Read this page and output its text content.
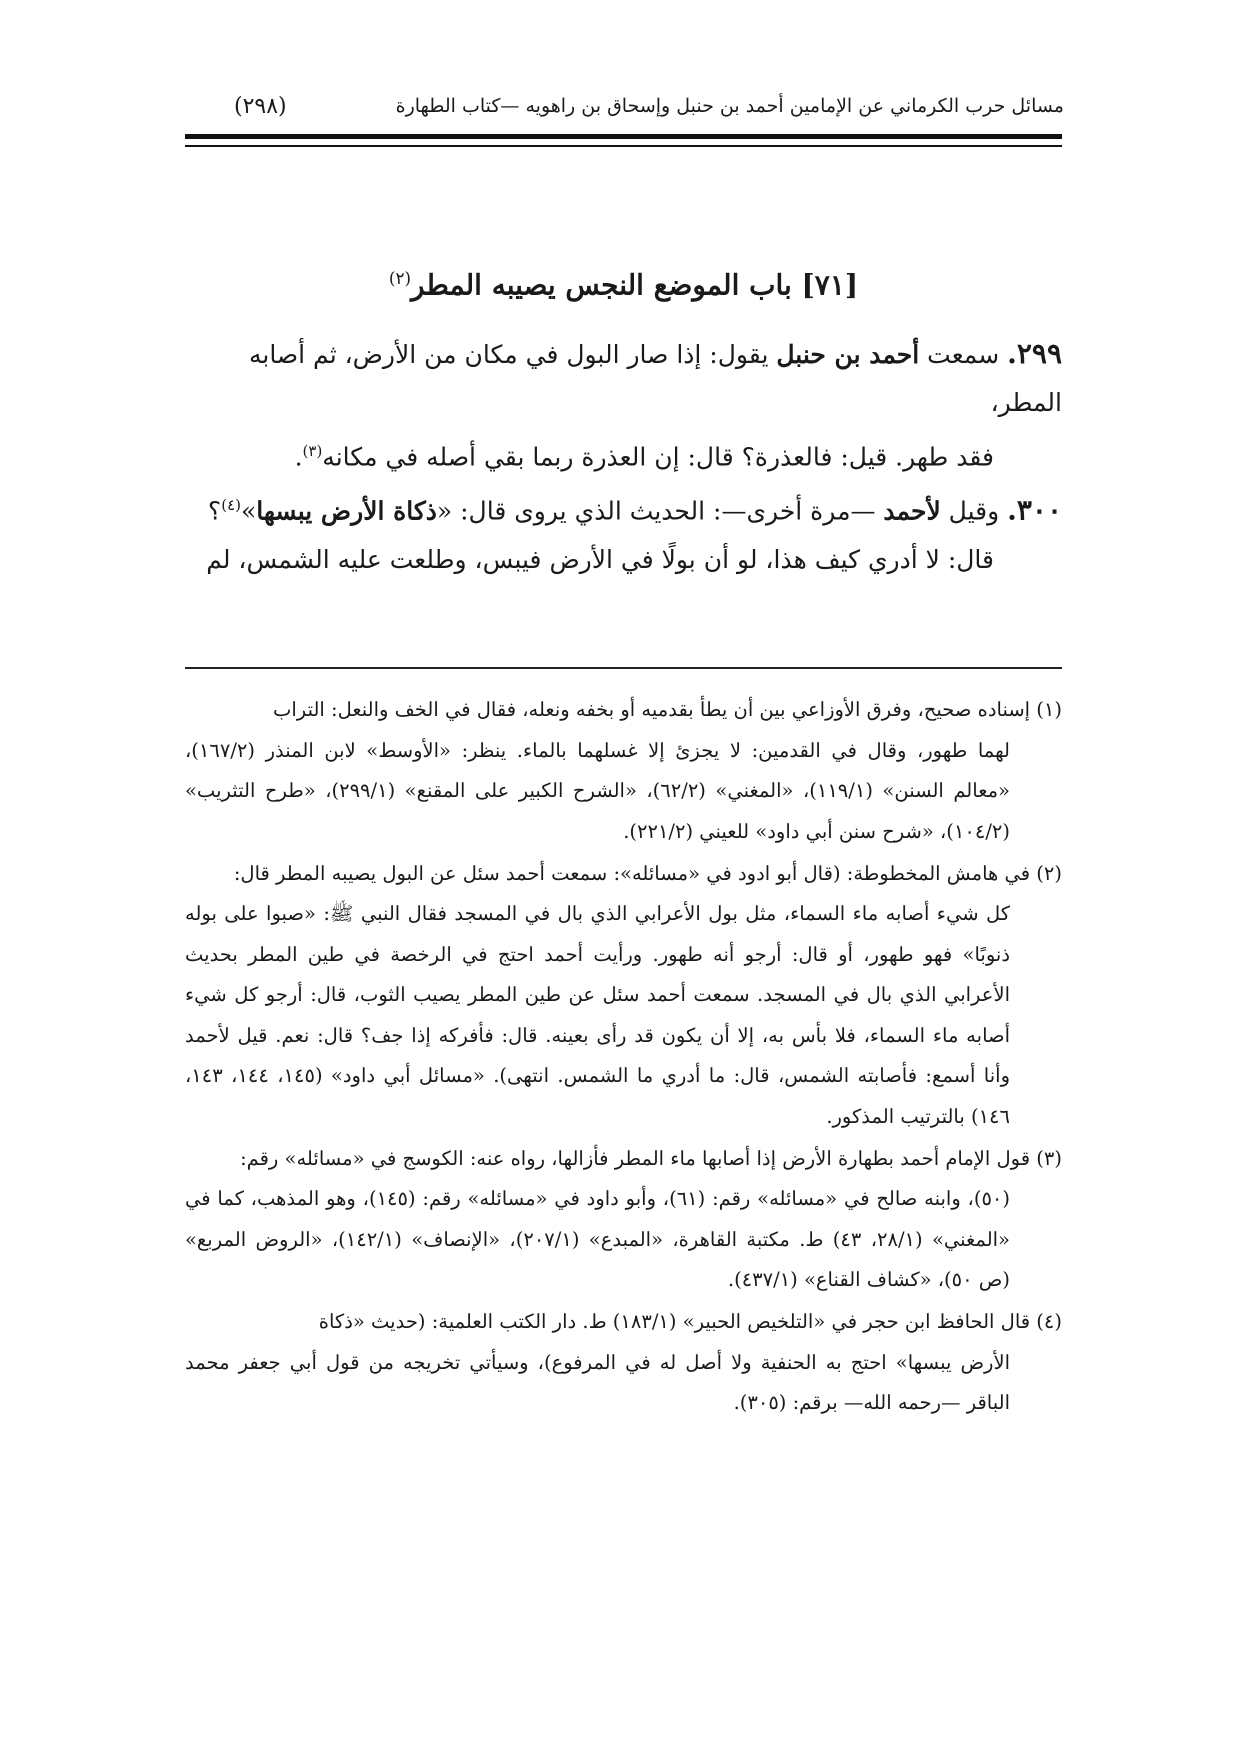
مسائل حرب الكرماني عن الإمامين أحمد بن حنبل وإسحاق بن راهويه —كتاب الطهارة
(٢٩٨)
[٧١] باب الموضع النجس يصيبه المطر$^{(٢)}$

٢٩٩. سمعت أحمد بن حنبل يقول: إذا صار البول في مكان من الأرض، ثم أصابه المطر،
فقد طهر. قيل: فالعذرة؟ قال: إن العذرة ربما بقي أصله في مكانه$^{(٣)}$.

٣٠٠. وقيل لأحمد —مرة أخرى—: الحديث الذي يروى قال: «ذكاة الأرض يبسها»$^{(٤)}$؟
قال: لا أدري كيف هذا، لو أن بولًا في الأرض فيبس، وطلعت عليه الشمس، لم

(١) إسناده صحيح، وفرق الأوزاعي بين أن يطأ بقدميه أو بخفه ونعله، فقال في الخف والنعل: التراب
لهما طهور، وقال في القدمين: لا يجزئ إلا غسلهما بالماء. ينظر: «الأوسط» لابن المنذر (١٦٧/٢)، «معالم السنن» (١١٩/١)، «المغني» (٦٢/٢)، «الشرح الكبير على المقنع» (٢٩٩/١)، «طرح التثريب» (١٠٤/٢)، «شرح سنن أبي داود» للعيني (٢٢١/٢).

(٢) في هامش المخطوطة: (قال أبو ادود في «مسائله»: سمعت أحمد سئل عن البول يصيبه المطر قال:
كل شيء أصابه ماء السماء، مثل بول الأعرابي الذي بال في المسجد فقال النبي ﷺ: «صبوا على بوله ذنوبًا» فهو طهور، أو قال: أرجو أنه طهور. ورأيت أحمد احتج في الرخصة في طين المطر بحديث الأعرابي الذي بال في المسجد. سمعت أحمد سئل عن طين المطر يصيب الثوب، قال: أرجو كل شيء أصابه ماء السماء، فلا بأس به، إلا أن يكون قد رأى بعينه. قال: فأفركه إذا جف؟ قال: نعم. قيل لأحمد وأنا أسمع: فأصابته الشمس، قال: ما أدري ما الشمس. انتهى). «مسائل أبي داود» (١٤٥، ١٤٤، ١٤٣، ١٤٦) بالترتيب المذكور.

(٣) قول الإمام أحمد بطهارة الأرض إذا أصابها ماء المطر فأزالها، رواه عنه: الكوسج في «مسائله» رقم:
(٥٠)، وابنه صالح في «مسائله» رقم: (٦١)، وأبو داود في «مسائله» رقم: (١٤٥)، وهو المذهب، كما في «المغني» (٢٨/١، ٤٣) ط. مكتبة القاهرة، «المبدع» (٢٠٧/١)، «الإنصاف» (١٤٢/١)، «الروض المربع» (ص ٥٠)، «كشاف القناع» (٤٣٧/١).

(٤) قال الحافظ ابن حجر في «التلخيص الحبير» (١٨٣/١) ط. دار الكتب العلمية: (حديث «ذكاة
الأرض يبسها» احتج به الحنفية ولا أصل له في المرفوع)، وسيأتي تخريجه من قول أبي جعفر محمد الباقر —رحمه الله— برقم: (٣٠٥).
